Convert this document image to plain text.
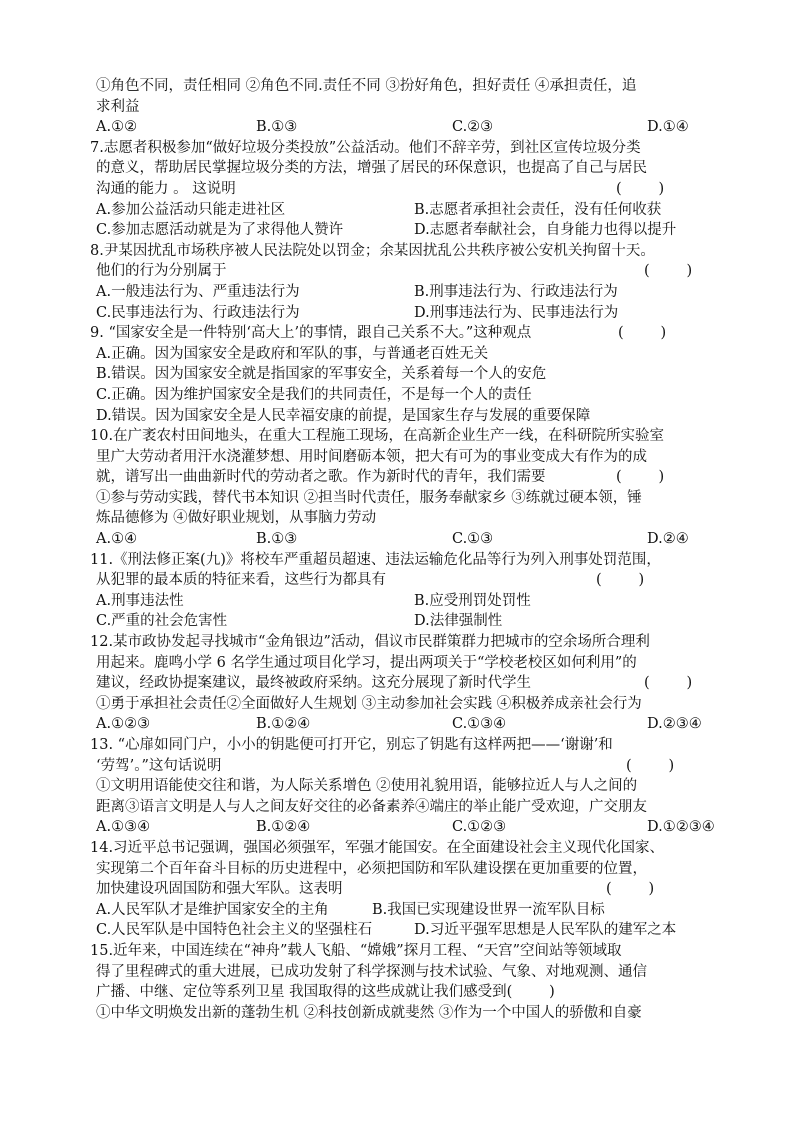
①角色不同，责任相同 ②角色不同.责任不同 ③扮好角色，担好责任 ④承担责任，追
求利益
A.①②	B.①③	C.②③	D.①④
7.志愿者积极参加“做好垃圾分类投放”公益活动。他们不辞辛劳，到社区宣传垃圾分类
的意义，帮助居民掌握垃圾分类的方法，增强了居民的环保意识，也提高了自己与居民
沟通的能力 。 这说明	(        )
A.参加公益活动只能走进社区	B.志愿者承担社会责任，没有任何收获
C.参加志愿活动就是为了求得他人赞许	D.志愿者奉献社会，自身能力也得以提升
8.尹某因扰乱市场秩序被人民法院处以罚金；余某因扰乱公共秩序被公安机关拘留十天。
他们的行为分别属于	(        )
A.一般违法行为、严重违法行为	B.刑事违法行为、行政违法行为
C.民事违法行为、行政违法行为	D.刑事违法行为、民事违法行为
9. “国家安全是一件特别‘高大上’的事情，跟自己关系不大。”这种观点	(        )
A.正确。因为国家安全是政府和军队的事，与普通老百姓无关
B.错误。因为国家安全就是指国家的军事安全，关系着每一个人的安危
C.正确。因为维护国家安全是我们的共同责任，不是每一个人的责任
D.错误。因为国家安全是人民幸福安康的前提，是国家生存与发展的重要保障
10.在广袤农村田间地头，在重大工程施工现场，在高新企业生产一线，在科研院所实验室
里广大劳动者用汗水浇灌梦想、用时间磨砺本领，把大有可为的事业变成大有作为的成
就，谱写出一曲曲新时代的劳动者之歌。作为新时代的青年，我们需要	(        )
①参与劳动实践，替代书本知识 ②担当时代责任，服务奉献家乡 ③练就过硬本领，锤
炼品德修为 ④做好职业规划，从事脑力劳动
A.①④	B.①③	C.①③	D.②④
11.《刑法修正案(九)》将校车严重超员超速、违法运输危化品等行为列入刑事处罚范围，
从犯罪的最本质的特征来看，这些行为都具有	(        )
A.刑事违法性	B.应受刑罚处罚性
C.严重的社会危害性	D.法律强制性
12.某市政协发起寻找城市“金角银边”活动，倡议市民群策群力把城市的空余场所合理利
用起来。鹿鸣小学 6 名学生通过项目化学习，提出两项关于“学校老校区如何利用”的
建议，经政协提案建议，最终被政府采纳。这充分展现了新时代学生	(        )
①勇于承担社会责任②全面做好人生规划 ③主动参加社会实践 ④积极养成亲社会行为
A.①②③	B.①②④	C.①③④	D.②③④
13. “心扉如同门户，小小的钥匙便可打开它，别忘了钥匙有这样两把——‘谢谢’和
‘劳驾’。”这句话说明	(        )
①文明用语能使交往和谐，为人际关系增色 ②使用礼貌用语，能够拉近人与人之间的
距离③语言文明是人与人之间友好交往的必备素养④端庄的举止能广受欢迎，广交朋友
A.①③④	B.①②④	C.①②③	D.①②③④
14.习近平总书记强调，强国必须强军，军强才能国安。在全面建设社会主义现代化国家、
实现第二个百年奋斗目标的历史进程中，必须把国防和军队建设摆在更加重要的位置，
加快建设巩固国防和强大军队。这表明	(        )
A.人民军队才是维护国家安全的主角	B.我国已实现建设世界一流军队目标
C.人民军队是中国特色社会主义的坚强柱石	D.习近平强军思想是人民军队的建军之本
15.近年来，中国连续在“神舟”载人飞船、“嫦娥”探月工程、“天宫”空间站等领域取
得了里程碑式的重大进展，已成功发射了科学探测与技术试验、气象、对地观测、通信
广播、中继、定位等系列卫星 我国取得的这些成就让我们感受到(        )
①中华文明焕发出新的蓬勃生机 ②科技创新成就斐然 ③作为一个中国人的骄傲和自豪
